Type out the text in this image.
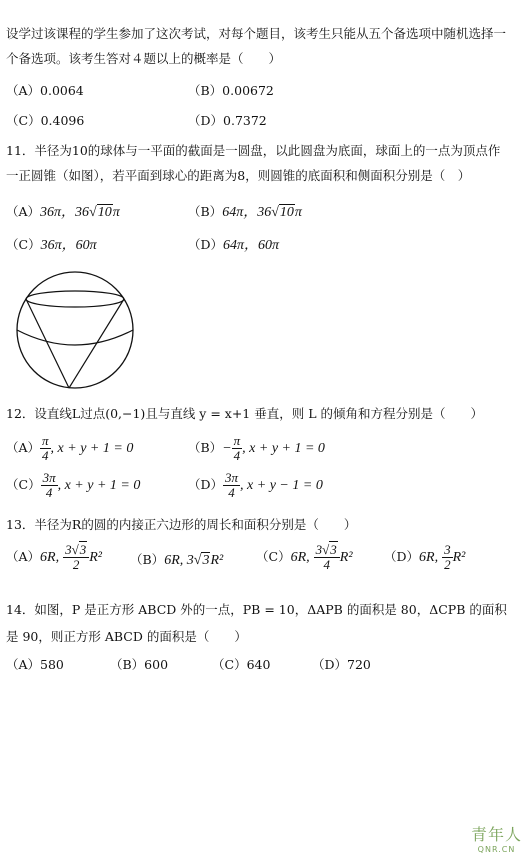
设学过该课程的学生参加了这次考试，对每个题目，该考生只能从五个备选项中随机选择一
个备选项。该考生答对４题以上的概率是（　　）
（A）0.0064	（B）0.00672
（C）0.4096	（D）0.7372
11．半径为10的球体与一平面的截面是一圆盘，以此圆盘为底面，球面上的一点为顶点作
一正圆锥（如图），若平面到球心的距离为8，则圆锥的底面积和侧面积分别是（　）
（A）36π，36√10π	（B）64π，36√10π
（C）36π，60π	（D）64π，60π
12．设直线L过点(0,−1)且与直线 y = x+1 垂直，则 L 的倾角和方程分别是（　　）
$(A) \frac{\pi}{4}$ , x + y + 1 = 0	$(B)- \frac{\pi}{4}$ , x + y + 1 = 0
$(C) \frac{3\pi}{4}$ , x + y + 1 = 0	$(D) \frac{3\pi}{4}$ , x + y − 1 = 0
13．半径为R的圆的内接正六边形的周长和面积分别是（　　）
（A）6R, $\frac{3√3}{2} R^2$ （B）6R, 3√3R²	（C）6R, $\frac{3√3}{4} R^2$	（D）6R, $\frac{3}{2} R^2$
14．如图，P 是正方形 ABCD 外的一点，PB = 10，ΔAPB 的面积是 80，ΔCPB 的面积
是 90，则正方形 ABCD 的面积是（　　）
（A）580	（B）600	（C）640	（D）720
青年人
QNR.CN
